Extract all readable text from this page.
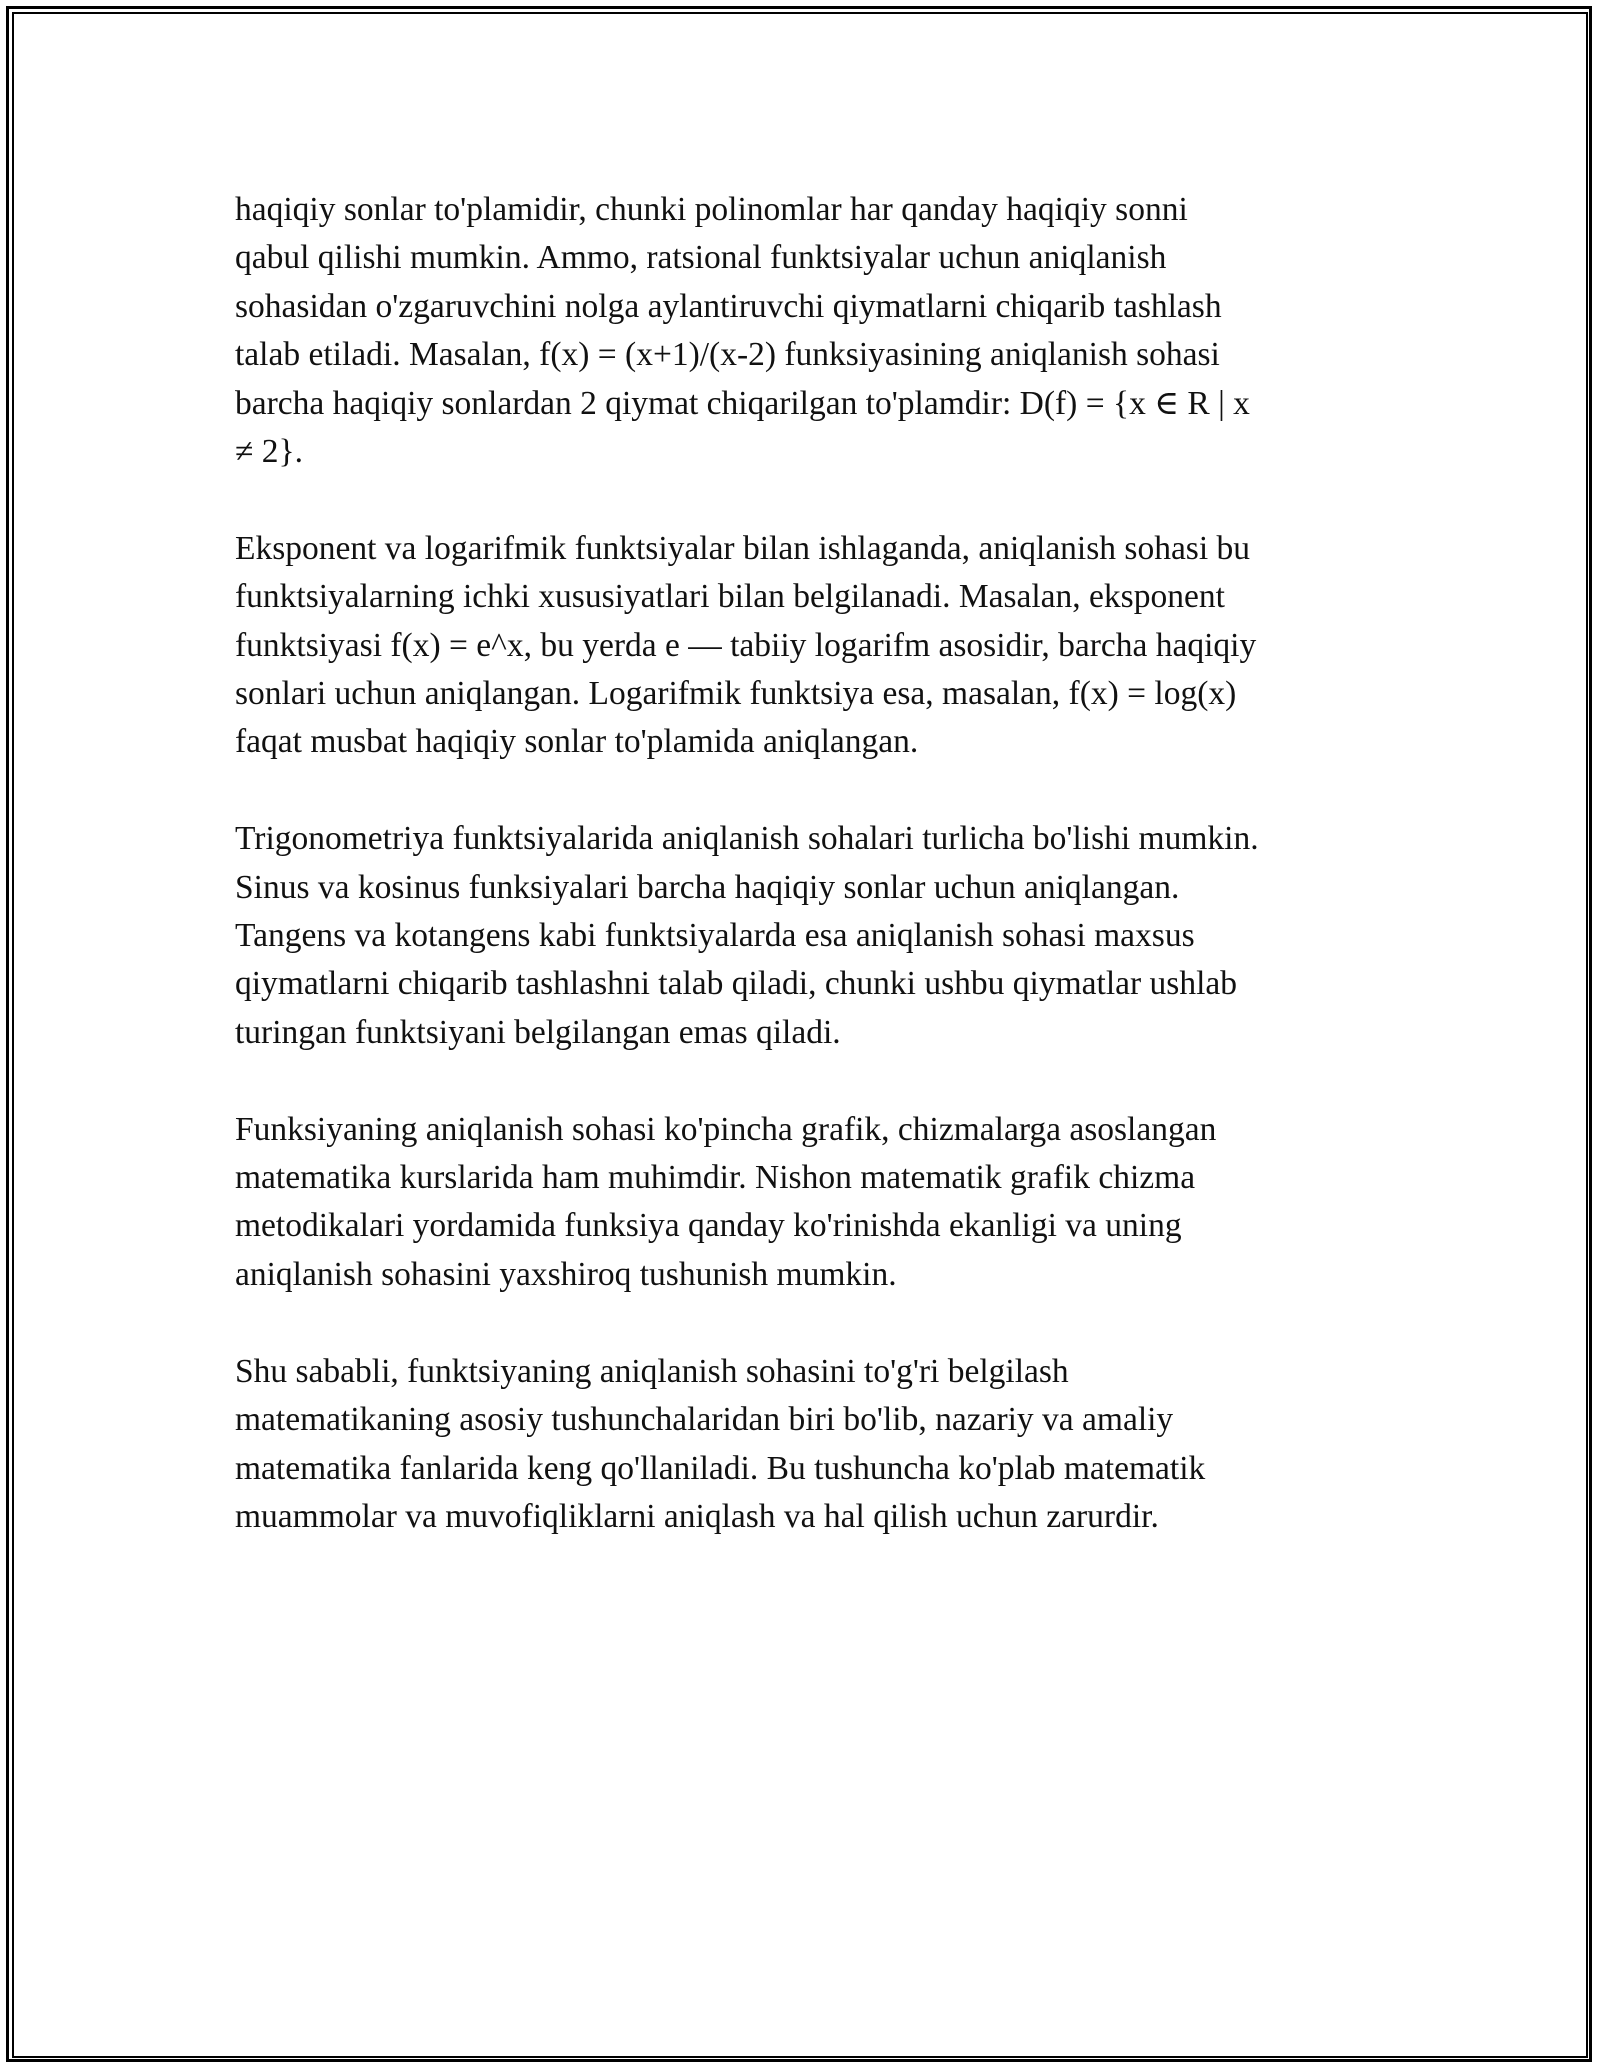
haqiqiy sonlar to'plamidir, chunki polinomlar har qanday haqiqiy sonni

qabul qilishi mumkin. Ammo, ratsional funktsiyalar uchun aniqlanish

sohasidan o'zgaruvchini nolga aylantiruvchi qiymatlarni chiqarib tashlash

talab etiladi. Masalan, f(x) = (x+1)/(x-2) funksiyasining aniqlanish sohasi

barcha haqiqiy sonlardan 2 qiymat chiqarilgan to'plamdir: D(f) = {x ∈ R | x

≠ 2}.

Eksponent va logarifmik funktsiyalar bilan ishlaganda, aniqlanish sohasi bu

funktsiyalarning ichki xususiyatlari bilan belgilanadi. Masalan, eksponent

funktsiyasi f(x) = e^x, bu yerda e — tabiiy logarifm asosidir, barcha haqiqiy

sonlari uchun aniqlangan. Logarifmik funktsiya esa, masalan, f(x) = log(x)

faqat musbat haqiqiy sonlar to'plamida aniqlangan.

Trigonometriya funktsiyalarida aniqlanish sohalari turlicha bo'lishi mumkin.

Sinus va kosinus funksiyalari barcha haqiqiy sonlar uchun aniqlangan.

Tangens va kotangens kabi funktsiyalarda esa aniqlanish sohasi maxsus

qiymatlarni chiqarib tashlashni talab qiladi, chunki ushbu qiymatlar ushlab

turingan funktsiyani belgilangan emas qiladi.

Funksiyaning aniqlanish sohasi ko'pincha grafik, chizmalarga asoslangan

matematika kurslarida ham muhimdir. Nishon matematik grafik chizma

metodikalari yordamida funksiya qanday ko'rinishda ekanligi va uning

aniqlanish sohasini yaxshiroq tushunish mumkin.

Shu sababli, funktsiyaning aniqlanish sohasini to'g'ri belgilash

matematikaning asosiy tushunchalaridan biri bo'lib, nazariy va amaliy

matematika fanlarida keng qo'llaniladi. Bu tushuncha ko'plab matematik

muammolar va muvofiqliklarni aniqlash va hal qilish uchun zarurdir.
